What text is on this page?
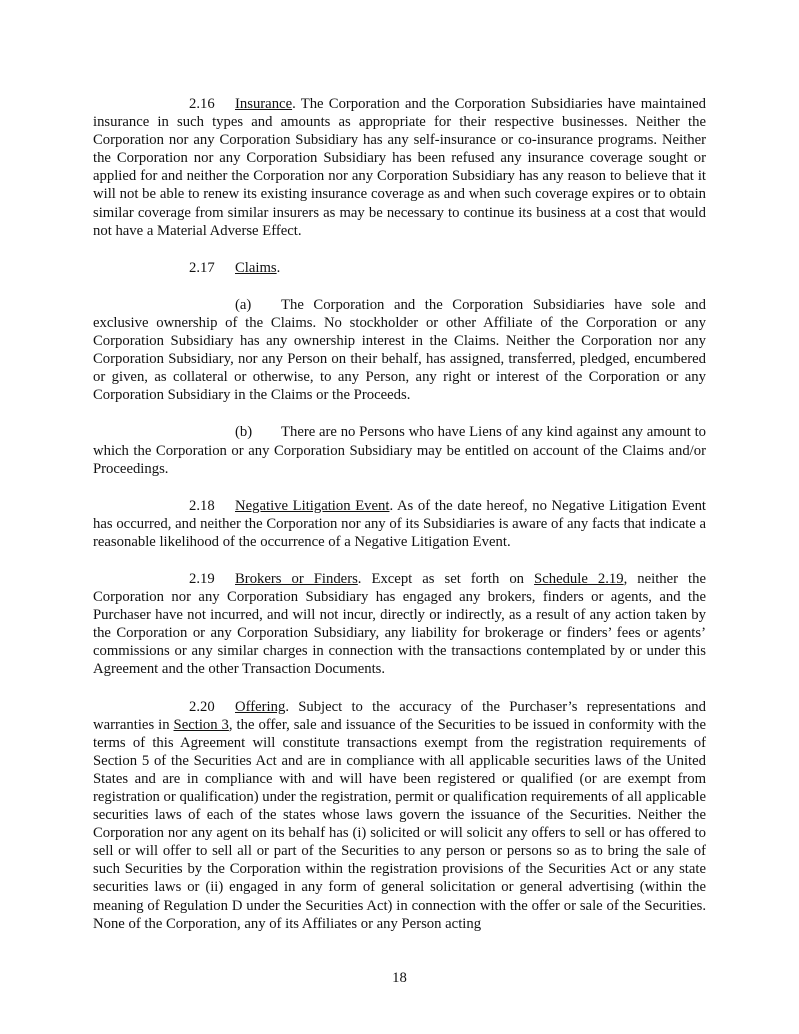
2.16 Insurance. The Corporation and the Corporation Subsidiaries have maintained insurance in such types and amounts as appropriate for their respective businesses. Neither the Corporation nor any Corporation Subsidiary has any self-insurance or co-insurance programs. Neither the Corporation nor any Corporation Subsidiary has been refused any insurance coverage sought or applied for and neither the Corporation nor any Corporation Subsidiary has any reason to believe that it will not be able to renew its existing insurance coverage as and when such coverage expires or to obtain similar coverage from similar insurers as may be necessary to continue its business at a cost that would not have a Material Adverse Effect.

2.17 Claims.

(a) The Corporation and the Corporation Subsidiaries have sole and exclusive ownership of the Claims. No stockholder or other Affiliate of the Corporation or any Corporation Subsidiary has any ownership interest in the Claims. Neither the Corporation nor any Corporation Subsidiary, nor any Person on their behalf, has assigned, transferred, pledged, encumbered or given, as collateral or otherwise, to any Person, any right or interest of the Corporation or any Corporation Subsidiary in the Claims or the Proceeds.

(b) There are no Persons who have Liens of any kind against any amount to which the Corporation or any Corporation Subsidiary may be entitled on account of the Claims and/or Proceedings.

2.18 Negative Litigation Event. As of the date hereof, no Negative Litigation Event has occurred, and neither the Corporation nor any of its Subsidiaries is aware of any facts that indicate a reasonable likelihood of the occurrence of a Negative Litigation Event.

2.19 Brokers or Finders. Except as set forth on Schedule 2.19, neither the Corporation nor any Corporation Subsidiary has engaged any brokers, finders or agents, and the Purchaser have not incurred, and will not incur, directly or indirectly, as a result of any action taken by the Corporation or any Corporation Subsidiary, any liability for brokerage or finders’ fees or agents’ commissions or any similar charges in connection with the transactions contemplated by or under this Agreement and the other Transaction Documents.

2.20 Offering. Subject to the accuracy of the Purchaser’s representations and warranties in Section 3, the offer, sale and issuance of the Securities to be issued in conformity with the terms of this Agreement will constitute transactions exempt from the registration requirements of Section 5 of the Securities Act and are in compliance with all applicable securities laws of the United States and are in compliance with and will have been registered or qualified (or are exempt from registration or qualification) under the registration, permit or qualification requirements of all applicable securities laws of each of the states whose laws govern the issuance of the Securities. Neither the Corporation nor any agent on its behalf has (i) solicited or will solicit any offers to sell or has offered to sell or will offer to sell all or part of the Securities to any person or persons so as to bring the sale of such Securities by the Corporation within the registration provisions of the Securities Act or any state securities laws or (ii) engaged in any form of general solicitation or general advertising (within the meaning of Regulation D under the Securities Act) in connection with the offer or sale of the Securities. None of the Corporation, any of its Affiliates or any Person acting

18
